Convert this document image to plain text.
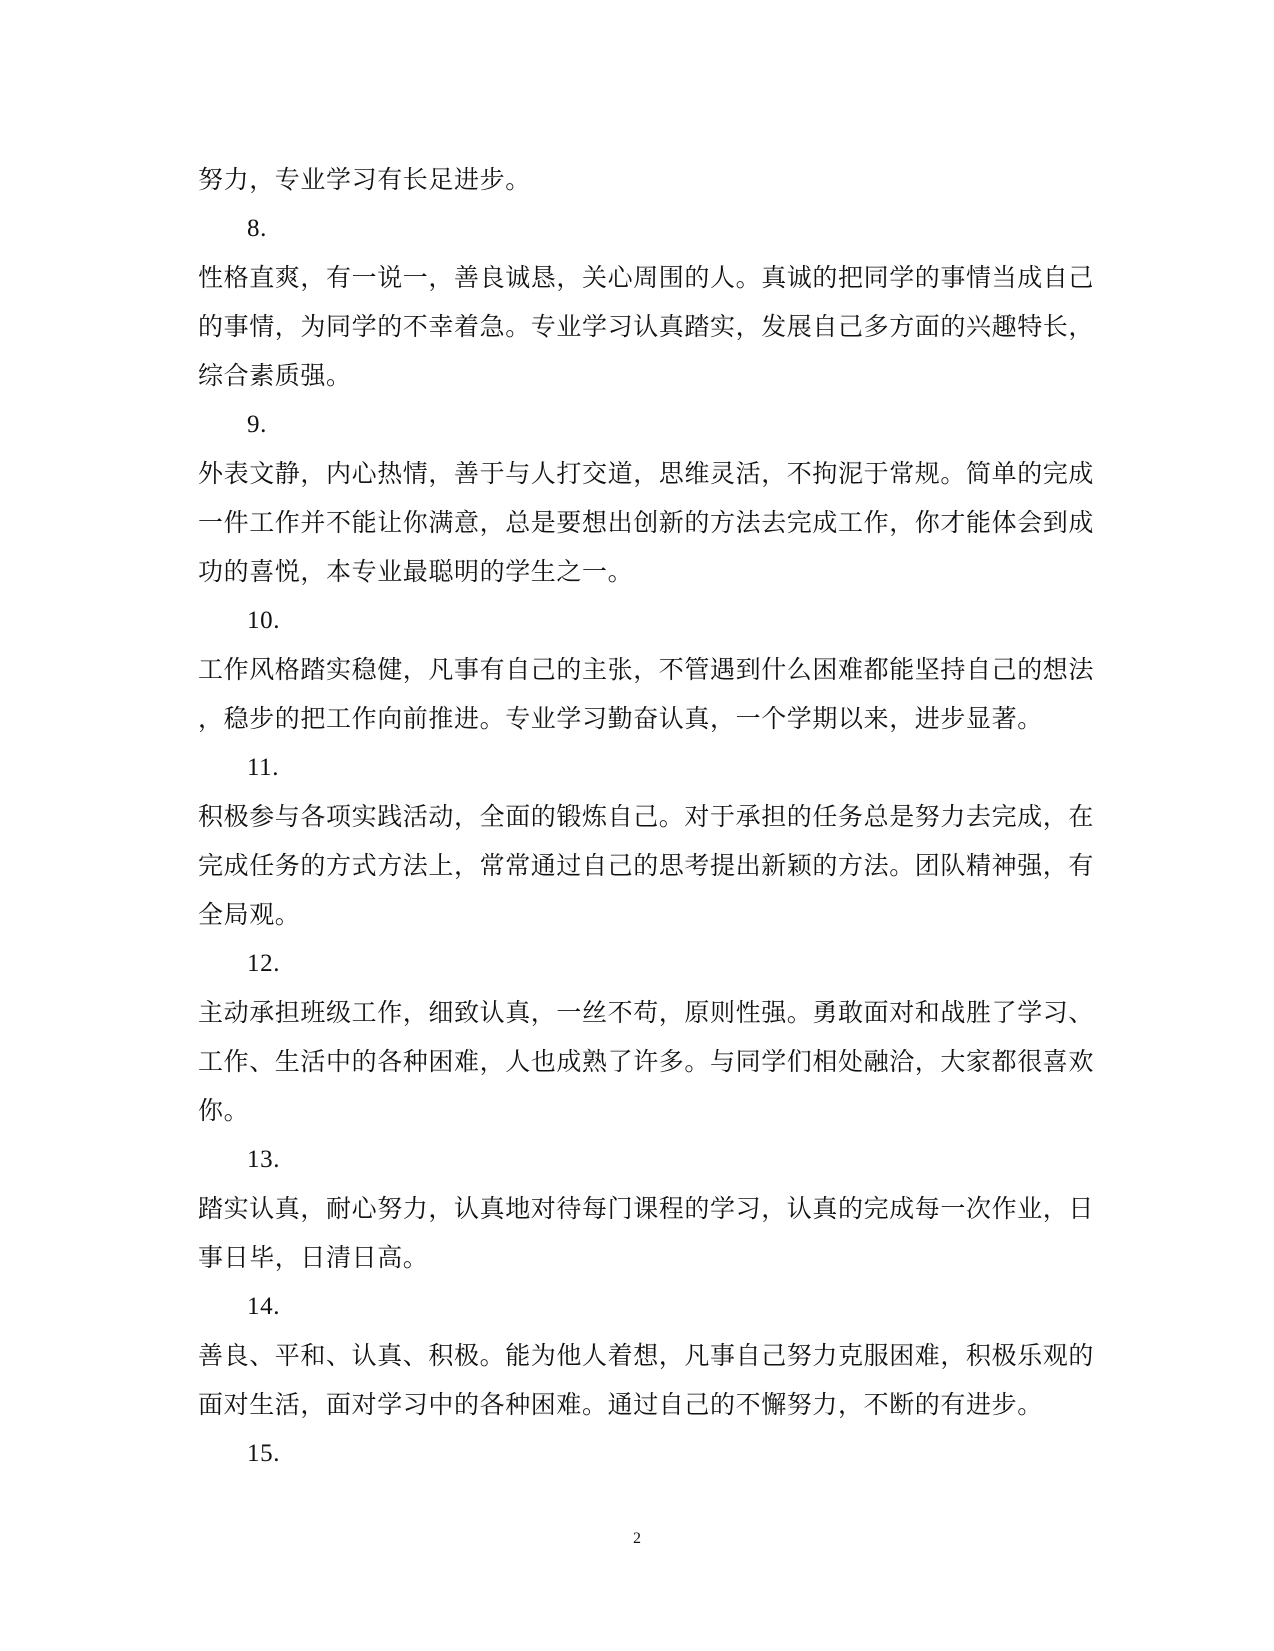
努力，专业学习有长足进步。
8.
性格直爽，有一说一，善良诚恳，关心周围的人。真诚的把同学的事情当成自己
的事情，为同学的不幸着急。专业学习认真踏实，发展自己多方面的兴趣特长，
综合素质强。
9.
外表文静，内心热情，善于与人打交道，思维灵活，不拘泥于常规。简单的完成
一件工作并不能让你满意，总是要想出创新的方法去完成工作，你才能体会到成
功的喜悦，本专业最聪明的学生之一。
10.
工作风格踏实稳健，凡事有自己的主张，不管遇到什么困难都能坚持自己的想法
，稳步的把工作向前推进。专业学习勤奋认真，一个学期以来，进步显著。
11.
积极参与各项实践活动，全面的锻炼自己。对于承担的任务总是努力去完成，在
完成任务的方式方法上，常常通过自己的思考提出新颖的方法。团队精神强，有
全局观。
12.
主动承担班级工作，细致认真，一丝不苟，原则性强。勇敢面对和战胜了学习、
工作、生活中的各种困难，人也成熟了许多。与同学们相处融洽，大家都很喜欢
你。
13.
踏实认真，耐心努力，认真地对待每门课程的学习，认真的完成每一次作业，日
事日毕，日清日高。
14.
善良、平和、认真、积极。能为他人着想，凡事自己努力克服困难，积极乐观的
面对生活，面对学习中的各种困难。通过自己的不懈努力，不断的有进步。
15.
2
